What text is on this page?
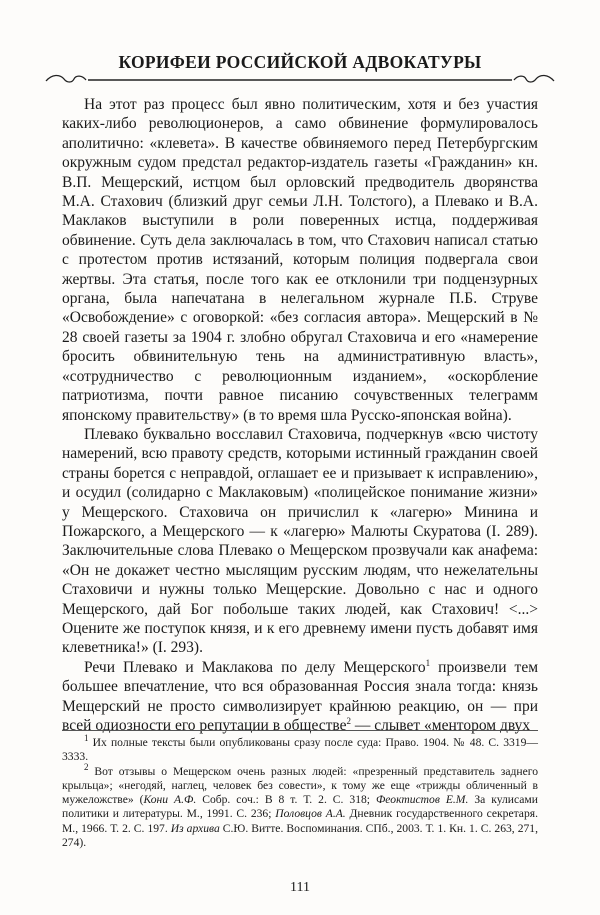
КОРИФЕИ РОССИЙСКОЙ АДВОКАТУРЫ

На этот раз процесс был явно политическим, хотя и без участия каких-либо революционеров, а само обвинение формулировалось аполитично: «клевета». В качестве обвиняемого перед Петербургским окружным судом предстал редактор-издатель газеты «Гражданин» кн. В.П. Мещерский, истцом был орловский предводитель дворянства М.А. Стахович (близкий друг семьи Л.Н. Толстого), а Плевако и В.А. Маклаков выступили в роли поверенных истца, поддерживая обвинение. Суть дела заключалась в том, что Стахович написал статью с протестом против истязаний, которым полиция подвергала свои жертвы. Эта статья, после того как ее отклонили три подцензурных органа, была напечатана в нелегальном журнале П.Б. Струве «Освобождение» с оговоркой: «без согласия автора». Мещерский в № 28 своей газеты за 1904 г. злобно обругал Стаховича и его «намерение бросить обвинительную тень на административную власть», «сотрудничество с революционным изданием», «оскорбление патриотизма, почти равное писанию сочувственных телеграмм японскому правительству» (в то время шла Русско-японская война).

Плевако буквально восславил Стаховича, подчеркнув «всю чистоту намерений, всю правоту средств, которыми истинный гражданин своей страны борется с неправдой, оглашает ее и призывает к исправлению», и осудил (солидарно с Маклаковым) «полицейское понимание жизни» у Мещерского. Стаховича он причислил к «лагерю» Минина и Пожарского, а Мещерского — к «лагерю» Малюты Скуратова (I. 289). Заключительные слова Плевако о Мещерском прозвучали как анафема: «Он не докажет честно мыслящим русским людям, что нежелательны Стаховичи и нужны только Мещерские. Довольно с нас и одного Мещерского, дай Бог побольше таких людей, как Стахович! <...> Оцените же поступок князя, и к его древнему имени пусть добавят имя клеветника!» (I. 293).

Речи Плевако и Маклакова по делу Мещерского$^1$ произвели тем большее впечатление, что вся образованная Россия знала тогда: князь Мещерский не просто символизирует крайнюю реакцию, он — при всей одиозности его репутации в обществе$^2$ — слывет «ментором двух

$^1$ Их полные тексты были опубликованы сразу после суда: Право. 1904. № 48. С. 3319—3333.

$^2$ Вот отзывы о Мещерском очень разных людей: «презренный представитель заднего крыльца»; «негодяй, наглец, человек без совести», к тому же еще «трижды обличенный в мужеложстве» (Кони А.Ф. Собр. соч.: В 8 т. Т. 2. С. 318; Феоктистов Е.М. За кулисами политики и литературы. М., 1991. С. 236; Половцов А.А. Дневник государственного секретаря. М., 1966. Т. 2. С. 197. Из архива С.Ю. Витте. Воспоминания. СПб., 2003. Т. 1. Кн. 1. С. 263, 271, 274).

111
